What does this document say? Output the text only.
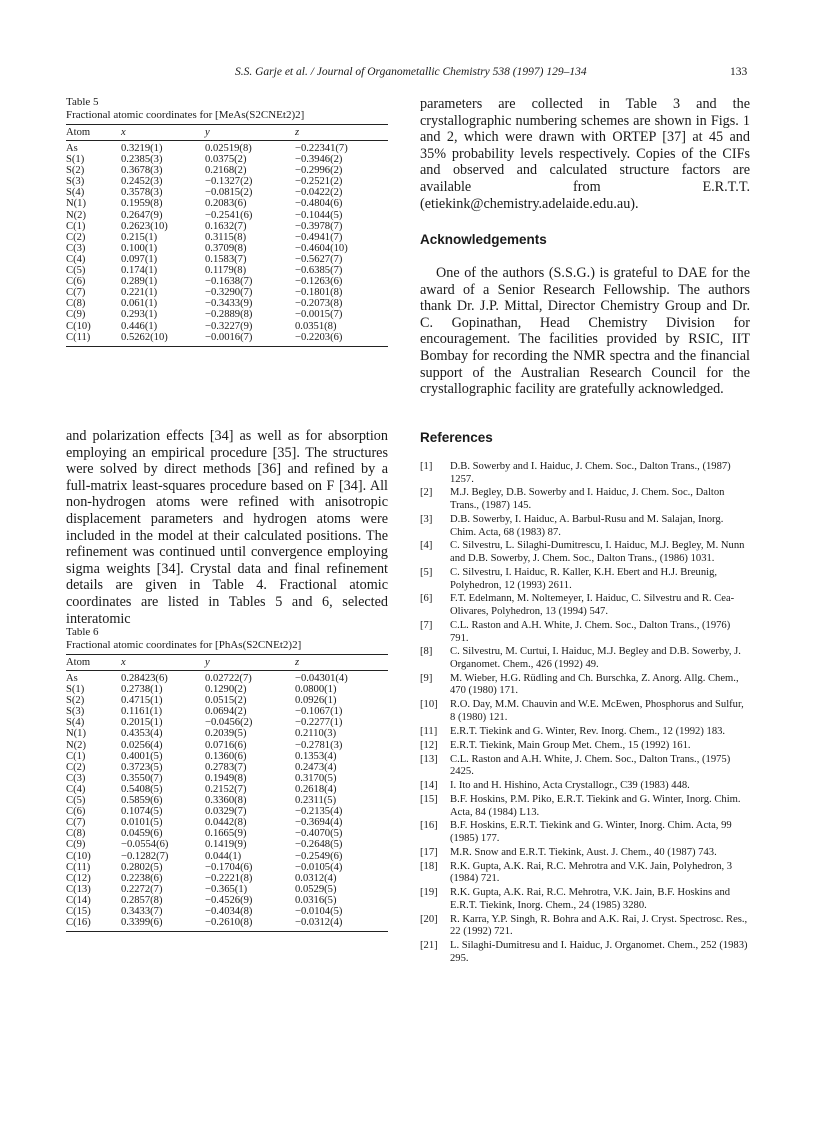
S.S. Garje et al. / Journal of Organometallic Chemistry 538 (1997) 129–134	133
Table 5
Fractional atomic coordinates for [MeAs(S2CNEt2)2]
Atom	x	y	z
As	0.3219(1)	0.02519(8)	−0.22341(7)
S(1)	0.2385(3)	0.0375(2)	−0.3946(2)
S(2)	0.3678(3)	0.2168(2)	−0.2996(2)
S(3)	0.2452(3)	−0.1327(2)	−0.2521(2)
S(4)	0.3578(3)	−0.0815(2)	−0.0422(2)
N(1)	0.1959(8)	0.2083(6)	−0.4804(6)
N(2)	0.2647(9)	−0.2541(6)	−0.1044(5)
C(1)	0.2623(10)	0.1632(7)	−0.3978(7)
C(2)	0.215(1)	0.3115(8)	−0.4941(7)
C(3)	0.100(1)	0.3709(8)	−0.4604(10)
C(4)	0.097(1)	0.1583(7)	−0.5627(7)
C(5)	0.174(1)	0.1179(8)	−0.6385(7)
C(6)	0.289(1)	−0.1638(7)	−0.1263(6)
C(7)	0.221(1)	−0.3290(7)	−0.1801(8)
C(8)	0.061(1)	−0.3433(9)	−0.2073(8)
C(9)	0.293(1)	−0.2889(8)	−0.0015(7)
C(10)	0.446(1)	−0.3227(9)	0.0351(8)
C(11)	0.5262(10)	−0.0016(7)	−0.2203(6)

and polarization effects [34] as well as for absorption employing an empirical procedure [35]. The structures were solved by direct methods [36] and refined by a full-matrix least-squares procedure based on F [34]. All non-hydrogen atoms were refined with anisotropic displacement parameters and hydrogen atoms were included in the model at their calculated positions. The refinement was continued until convergence employing sigma weights [34]. Crystal data and final refinement details are given in Table 4. Fractional atomic coordinates are listed in Tables 5 and 6, selected interatomic

Table 6
Fractional atomic coordinates for [PhAs(S2CNEt2)2]
Atom	x	y	z
As	0.28423(6)	0.02722(7)	−0.04301(4)
S(1)	0.2738(1)	0.1290(2)	0.0800(1)
S(2)	0.4715(1)	0.0515(2)	0.0926(1)
S(3)	0.1161(1)	0.0694(2)	−0.1067(1)
S(4)	0.2015(1)	−0.0456(2)	−0.2277(1)
N(1)	0.4353(4)	0.2039(5)	0.2110(3)
N(2)	0.0256(4)	0.0716(6)	−0.2781(3)
C(1)	0.4001(5)	0.1360(6)	0.1353(4)
C(2)	0.3723(5)	0.2783(7)	0.2473(4)
C(3)	0.3550(7)	0.1949(8)	0.3170(5)
C(4)	0.5408(5)	0.2152(7)	0.2618(4)
C(5)	0.5859(6)	0.3360(8)	0.2311(5)
C(6)	0.1074(5)	0.0329(7)	−0.2135(4)
C(7)	0.0101(5)	0.0442(8)	−0.3694(4)
C(8)	0.0459(6)	0.1665(9)	−0.4070(5)
C(9)	−0.0554(6)	0.1419(9)	−0.2648(5)
C(10)	−0.1282(7)	0.044(1)	−0.2549(6)
C(11)	0.2802(5)	−0.1704(6)	−0.0105(4)
C(12)	0.2238(6)	−0.2221(8)	0.0312(4)
C(13)	0.2272(7)	−0.365(1)	0.0529(5)
C(14)	0.2857(8)	−0.4526(9)	0.0316(5)
C(15)	0.3433(7)	−0.4034(8)	−0.0104(5)
C(16)	0.3399(6)	−0.2610(8)	−0.0312(4)

parameters are collected in Table 3 and the crystallographic numbering schemes are shown in Figs. 1 and 2, which were drawn with ORTEP [37] at 45 and 35% probability levels respectively. Copies of the CIFs and observed and calculated structure factors are available from E.R.T.T. (etiekink@chemistry.adelaide.edu.au).

Acknowledgements

One of the authors (S.S.G.) is grateful to DAE for the award of a Senior Research Fellowship. The authors thank Dr. J.P. Mittal, Director Chemistry Group and Dr. C. Gopinathan, Head Chemistry Division for encouragement. The facilities provided by RSIC, IIT Bombay for recording the NMR spectra and the financial support of the Australian Research Council for the crystallographic facility are gratefully acknowledged.

References
[1] D.B. Sowerby and I. Haiduc, J. Chem. Soc., Dalton Trans., (1987) 1257.
[2] M.J. Begley, D.B. Sowerby and I. Haiduc, J. Chem. Soc., Dalton Trans., (1987) 145.
[3] D.B. Sowerby, I. Haiduc, A. Barbul-Rusu and M. Salajan, Inorg. Chim. Acta, 68 (1983) 87.
[4] C. Silvestru, L. Silaghi-Dumitrescu, I. Haiduc, M.J. Begley, M. Nunn and D.B. Sowerby, J. Chem. Soc., Dalton Trans., (1986) 1031.
[5] C. Silvestru, I. Haiduc, R. Kaller, K.H. Ebert and H.J. Breunig, Polyhedron, 12 (1993) 2611.
[6] F.T. Edelmann, M. Noltemeyer, I. Haiduc, C. Silvestru and R. Cea-Olivares, Polyhedron, 13 (1994) 547.
[7] C.L. Raston and A.H. White, J. Chem. Soc., Dalton Trans., (1976) 791.
[8] C. Silvestru, M. Curtui, I. Haiduc, M.J. Begley and D.B. Sowerby, J. Organomet. Chem., 426 (1992) 49.
[9] M. Wieber, H.G. Rüdling and Ch. Burschka, Z. Anorg. Allg. Chem., 470 (1980) 171.
[10] R.O. Day, M.M. Chauvin and W.E. McEwen, Phosphorus and Sulfur, 8 (1980) 121.
[11] E.R.T. Tiekink and G. Winter, Rev. Inorg. Chem., 12 (1992) 183.
[12] E.R.T. Tiekink, Main Group Met. Chem., 15 (1992) 161.
[13] C.L. Raston and A.H. White, J. Chem. Soc., Dalton Trans., (1975) 2425.
[14] I. Ito and H. Hishino, Acta Crystallogr., C39 (1983) 448.
[15] B.F. Hoskins, P.M. Piko, E.R.T. Tiekink and G. Winter, Inorg. Chim. Acta, 84 (1984) L13.
[16] B.F. Hoskins, E.R.T. Tiekink and G. Winter, Inorg. Chim. Acta, 99 (1985) 177.
[17] M.R. Snow and E.R.T. Tiekink, Aust. J. Chem., 40 (1987) 743.
[18] R.K. Gupta, A.K. Rai, R.C. Mehrotra and V.K. Jain, Polyhedron, 3 (1984) 721.
[19] R.K. Gupta, A.K. Rai, R.C. Mehrotra, V.K. Jain, B.F. Hoskins and E.R.T. Tiekink, Inorg. Chem., 24 (1985) 3280.
[20] R. Karra, Y.P. Singh, R. Bohra and A.K. Rai, J. Cryst. Spectrosc. Res., 22 (1992) 721.
[21] L. Silaghi-Dumitresu and I. Haiduc, J. Organomet. Chem., 252 (1983) 295.
